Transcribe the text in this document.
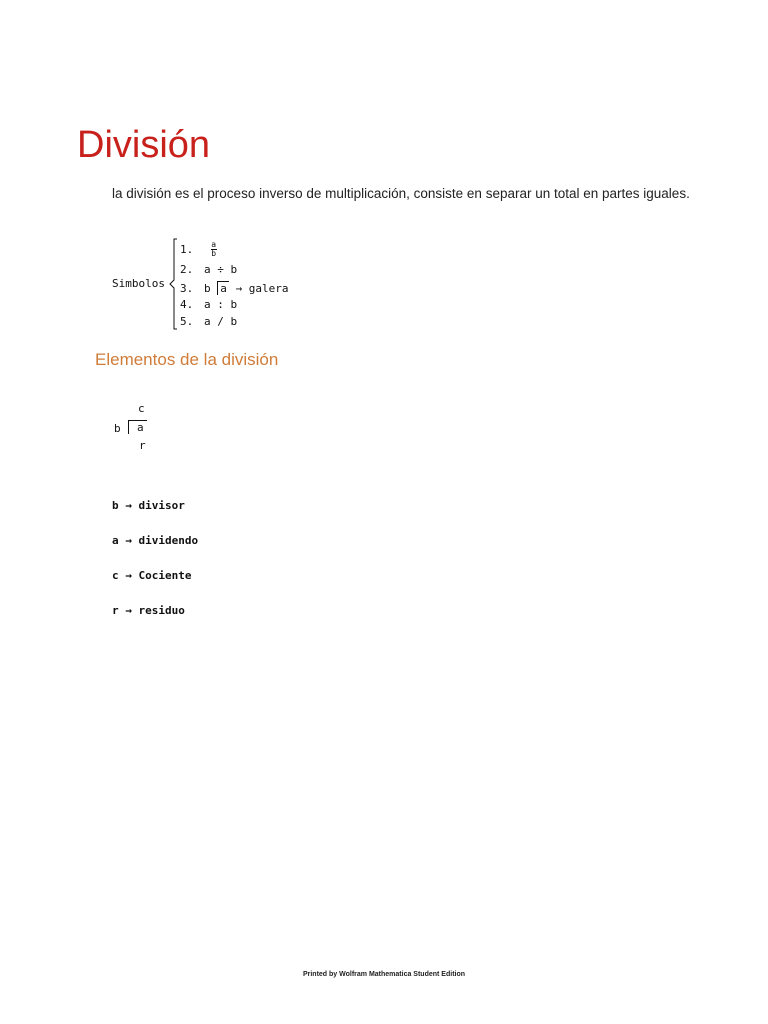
División

la división es el proceso inverso de multiplicación, consiste en separar un total en partes iguales.

Simbolos
1. $\frac{a}{b}$
2. a ÷ b
3. b a → galera
4. a : b
5. a / b
Elementos de la división
c
b	a
r
b → divisor
a → dividendo
c → Cociente
r → residuo

Printed by Wolfram Mathematica Student Edition
